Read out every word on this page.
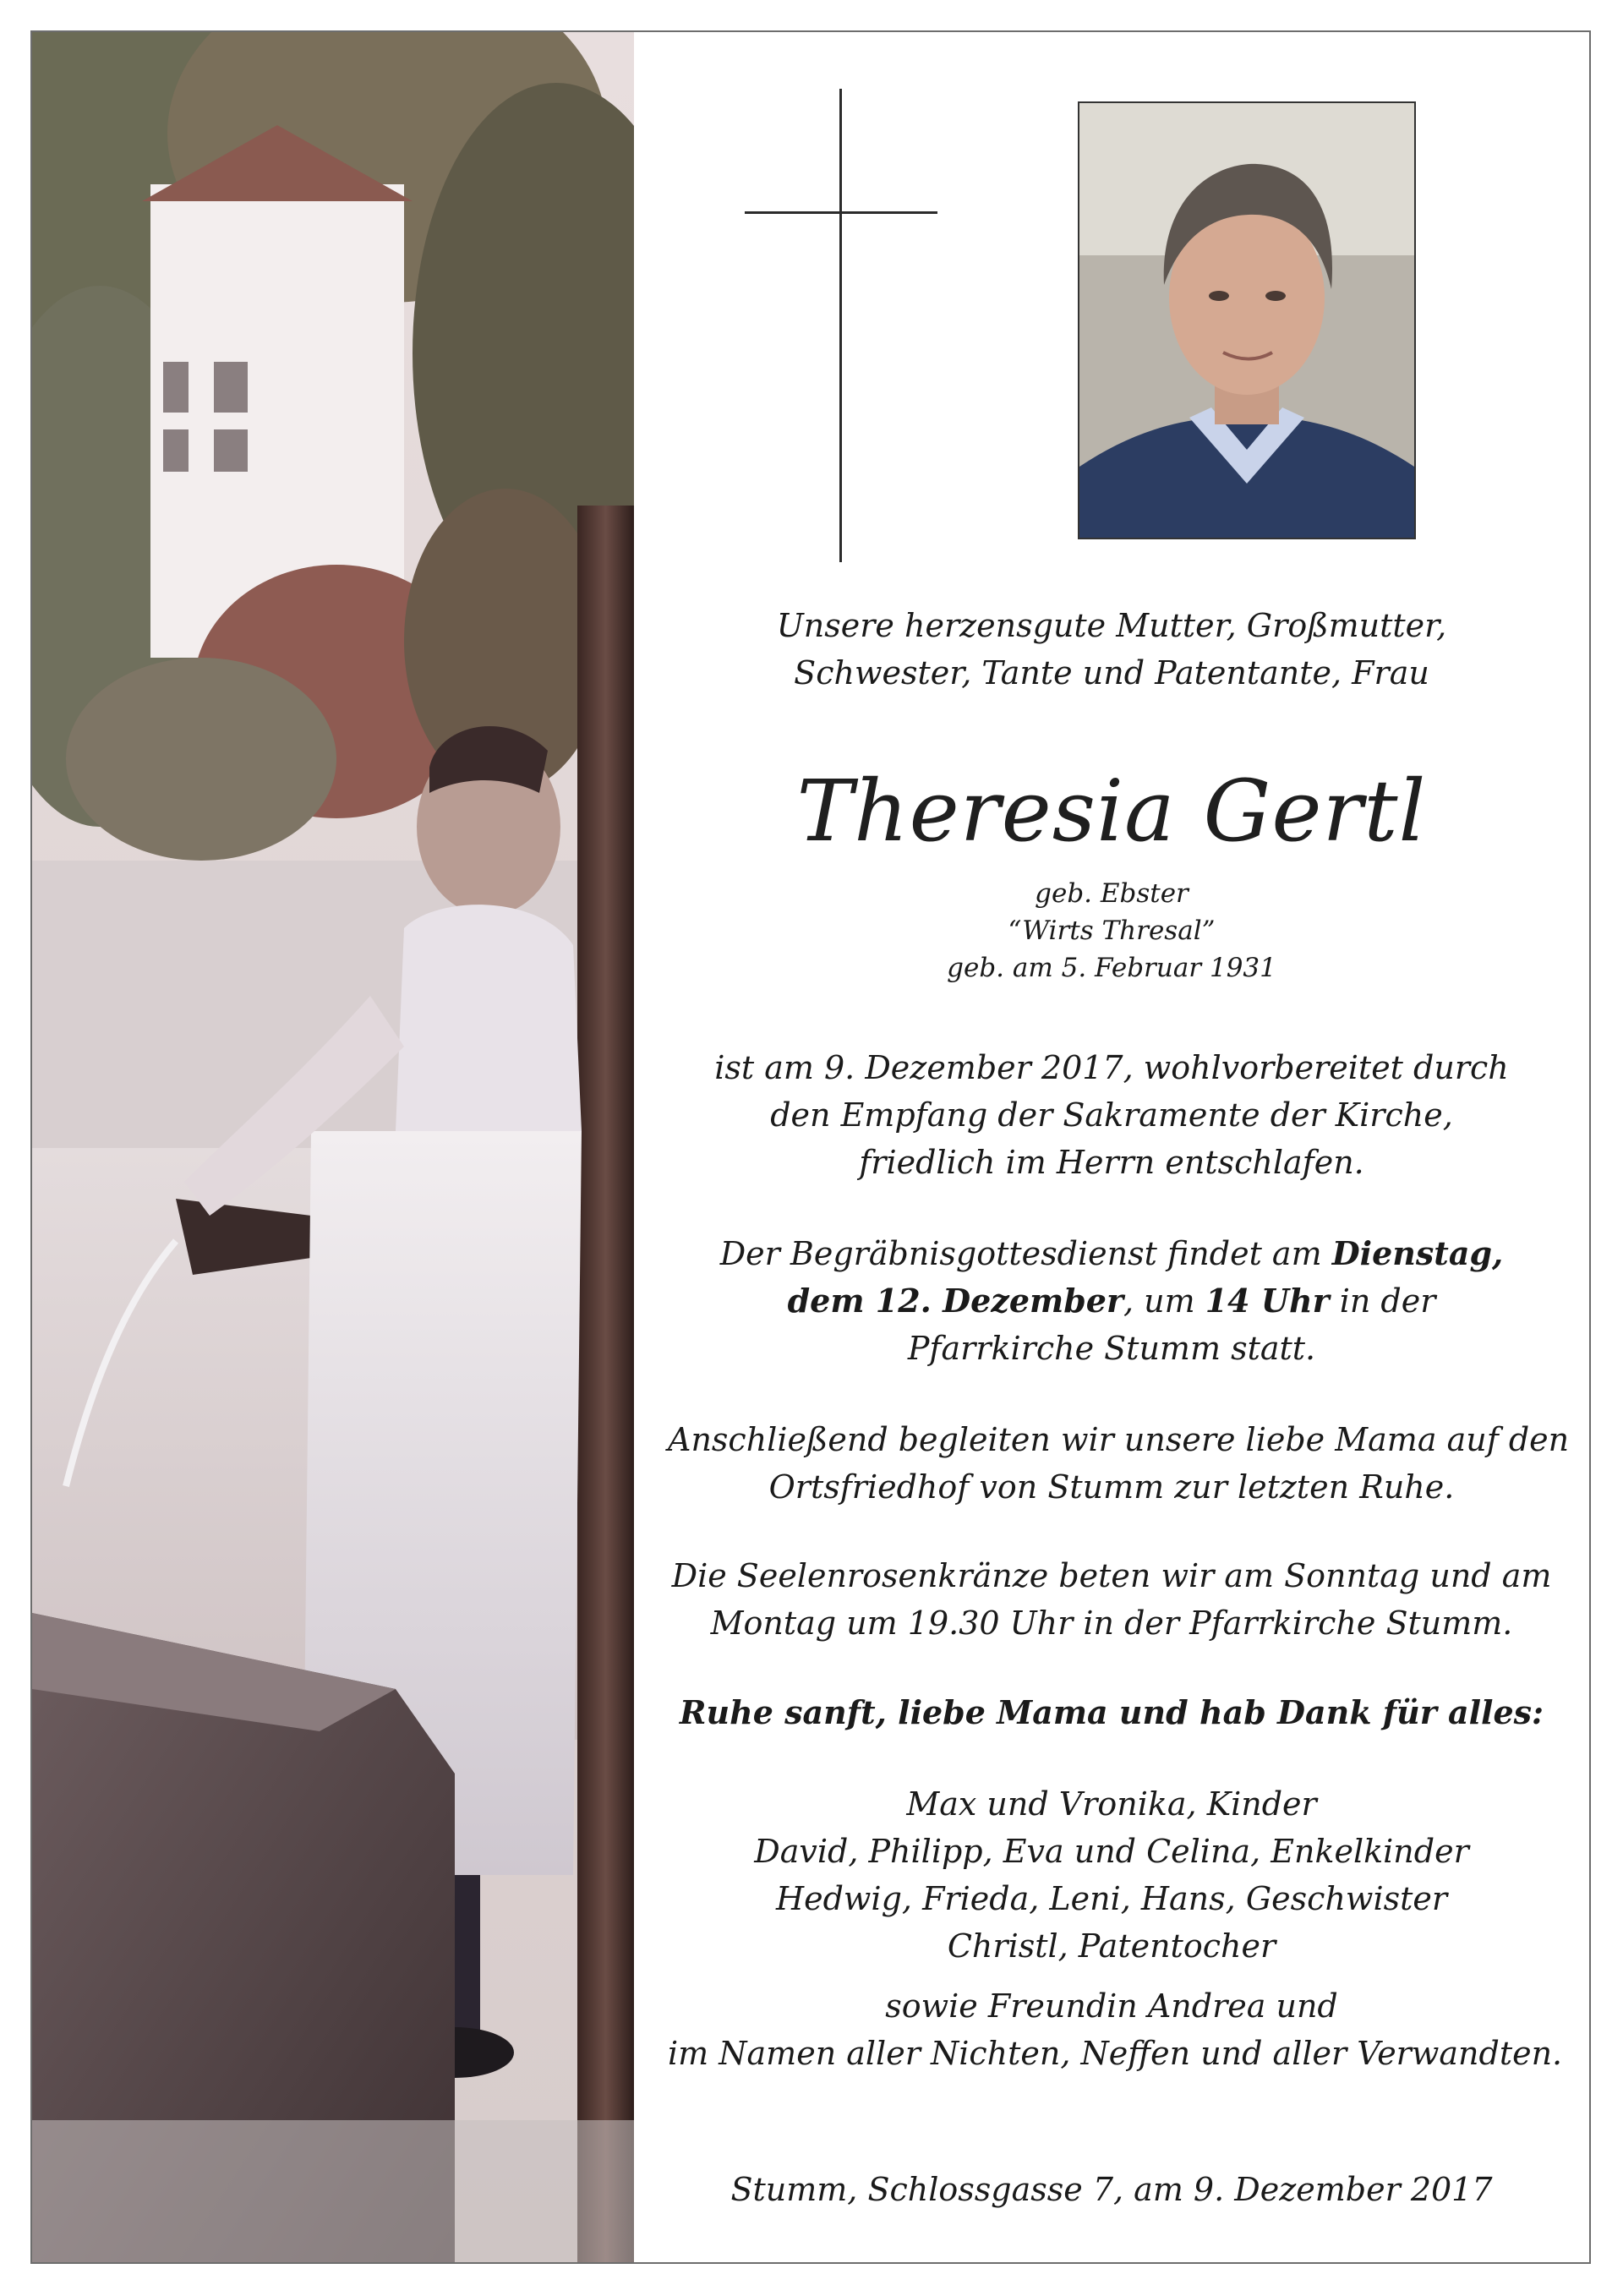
Unsere herzensgute Mutter, Großmutter,
Schwester, Tante und Patentante, Frau
Theresia Gertl
geb. Ebster
“Wirts Thresal”
geb. am 5. Februar 1931
ist am 9. Dezember 2017, wohlvorbereitet durch
den Empfang der Sakramente der Kirche,
friedlich im Herrn entschlafen.
Der Begräbnisgottesdienst findet am Dienstag,
dem 12. Dezember, um 14 Uhr in der
Pfarrkirche Stumm statt.
Anschließend begleiten wir unsere liebe Mama auf den
Ortsfriedhof von Stumm zur letzten Ruhe.
Die Seelenrosenkränze beten wir am Sonntag und am
Montag um 19.30 Uhr in der Pfarrkirche Stumm.
Ruhe sanft, liebe Mama und hab Dank für alles:
Max und Vronika, Kinder
David, Philipp, Eva und Celina, Enkelkinder
Hedwig, Frieda, Leni, Hans, Geschwister
Christl, Patentocher
sowie Freundin Andrea und
im Namen aller Nichten, Neffen und aller Verwandten.
Stumm, Schlossgasse 7, am 9. Dezember 2017
